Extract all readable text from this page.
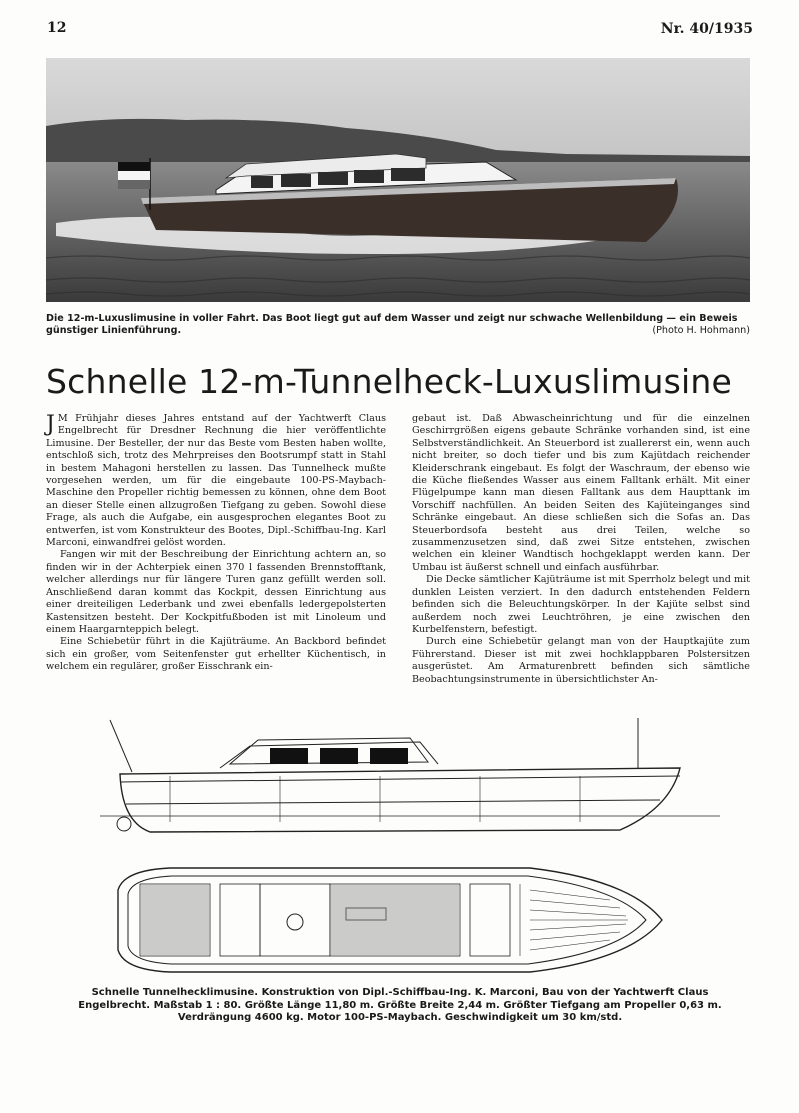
12	Nr. 40/1935
Die 12-m-Luxuslimusine in voller Fahrt. Das Boot liegt gut auf dem Wasser und zeigt nur schwache Wellenbildung — ein Beweis günstiger Linienführung.	(Photo H. Hohmann)
Schnelle 12-m-Tunnelheck-Luxuslimusine

J M Frühjahr dieses Jahres entstand auf der Yachtwerft Claus Engelbrecht für Dresdner Rechnung die hier veröffentlichte Limusine. Der Besteller, der nur das Beste vom Besten haben wollte, entschloß sich, trotz des Mehrpreises den Bootsrumpf statt in Stahl in bestem Mahagoni herstellen zu lassen. Das Tunnelheck mußte vorgesehen werden, um für die eingebaute 100-PS-Maybach-Maschine den Propeller richtig bemessen zu können, ohne dem Boot an dieser Stelle einen allzugroßen Tiefgang zu geben. Sowohl diese Frage, als auch die Aufgabe, ein ausgesprochen elegantes Boot zu entwerfen, ist vom Konstrukteur des Bootes, Dipl.-Schiffbau-Ing. Karl Marconi, einwandfrei gelöst worden.

Fangen wir mit der Beschreibung der Einrichtung achtern an, so finden wir in der Achterpiek einen 370 l fassenden Brennstofftank, welcher allerdings nur für längere Turen ganz gefüllt werden soll. Anschließend daran kommt das Kockpit, dessen Einrichtung aus einer dreiteiligen Lederbank und zwei ebenfalls ledergepolsterten Kastensitzen besteht. Der Kockpitfußboden ist mit Linoleum und einem Haargarnteppich belegt.

Eine Schiebetür führt in die Kajüträume. An Backbord befindet sich ein großer, vom Seitenfenster gut erhellter Küchentisch, in welchem ein regulärer, großer Eisschrank ein-

gebaut ist. Daß Abwascheinrichtung und für die einzelnen Geschirrgrößen eigens gebaute Schränke vorhanden sind, ist eine Selbstverständlichkeit. An Steuerbord ist zuallererst ein, wenn auch nicht breiter, so doch tiefer und bis zum Kajütdach reichender Kleiderschrank eingebaut. Es folgt der Waschraum, der ebenso wie die Küche fließendes Wasser aus einem Falltank erhält. Mit einer Flügelpumpe kann man diesen Falltank aus dem Haupttank im Vorschiff nachfüllen. An beiden Seiten des Kajüteinganges sind Schränke eingebaut. An diese schließen sich die Sofas an. Das Steuerbordsofa besteht aus drei Teilen, welche so zusammenzusetzen sind, daß zwei Sitze entstehen, zwischen welchen ein kleiner Wandtisch hochgeklappt werden kann. Der Umbau ist äußerst schnell und einfach ausführbar.

Die Decke sämtlicher Kajüträume ist mit Sperrholz belegt und mit dunklen Leisten verziert. In den dadurch entstehenden Feldern befinden sich die Beleuchtungskörper. In der Kajüte selbst sind außerdem noch zwei Leuchtröhren, je eine zwischen den Kurbelfenstern, befestigt.

Durch eine Schiebetür gelangt man von der Hauptkajüte zum Führerstand. Dieser ist mit zwei hochklappbaren Polstersitzen ausgerüstet. Am Armaturenbrett befinden sich sämtliche Beobachtungsinstrumente in übersichtlichster An-

Schnelle Tunnelhecklimusine. Konstruktion von Dipl.-Schiffbau-Ing. K. Marconi, Bau von der Yachtwerft Claus Engelbrecht. Maßstab 1 : 80. Größte Länge 11,80 m. Größte Breite 2,44 m. Größter Tiefgang am Propeller 0,63 m. Verdrängung 4600 kg. Motor 100-PS-Maybach. Geschwindigkeit um 30 km/std.
